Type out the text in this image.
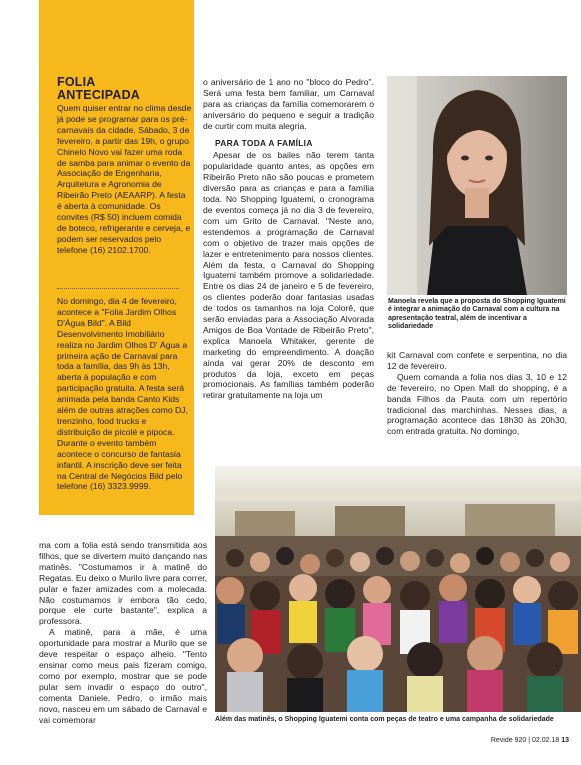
FOLIA
ANTECIPADA
Quem quiser entrar no clima desde já pode se programar para os pré-carnavais da cidade. Sábado, 3 de fevereiro, a partir das 19h, o grupo Chinelo Novo vai fazer uma roda de samba para animar o evento da Associação de Engenharia, Arquitetura e Agronomia de Ribeirão Preto (AEAARP). A festa é aberta à comunidade. Os convites (R$ 50) incluem comida de boteco, refrigerante e cerveja, e podem ser reservados pelo telefone (16) 2102.1700.
No domingo, dia 4 de fevereiro, acontece a "Folia Jardim Olhos D'Água Bild". A Bild Desenvolvimento Imobiliário realiza no Jardim Olhos D' Água a primeira ação de Carnaval para toda a família, das 9h às 13h, aberta à população e com participação gratuita. A festa será animada pela banda Canto Kids além de outras atrações como DJ, trenzinho, food trucks e distribuição de picolé e pipoca. Durante o evento também acontece o concurso de fantasia infantil. A inscrição deve ser feita na Central de Negócios Bild pelo telefone (16) 3323.9999.

o aniversário de 1 ano no "bloco do Pedro". Será uma festa bem familiar, um Carnaval para as crianças da família comemorarem o aniversário do pequeno e seguir a tradição de curtir com muita alegria.

PARA TODA A FAMÍLIA

Apesar de os bailes não terem tanta popularidade quanto antes, as opções em Ribeirão Preto não são poucas e prometem diversão para as crianças e para a família toda. No Shopping Iguatemi, o cronograma de eventos começa já no dia 3 de fevereiro, com um Grito de Carnaval. "Neste ano, estendemos a programação de Carnaval com o objetivo de trazer mais opções de lazer e entretenimento para nossos clientes. Além da festa, o Carnaval do Shopping Iguatemi também promove a solidariedade. Entre os dias 24 de janeiro e 5 de fevereiro, os clientes poderão doar fantasias usadas de todos os tamanhos na loja Colorê, que serão enviadas para a Associação Alvorada Amigos de Boa Vontade de Ribeirão Preto", explica Manoela Whitaker, gerente de marketing do empreendimento. A doação ainda vai gerar 20% de desconto em produtos da loja, exceto em peças promocionais. As famílias também poderão retirar gratuitamente na loja um

Manoela revela que a proposta do Shopping Iguatemi é integrar a animação do Carnaval com a cultura na apresentação teatral, além de incentivar a solidariedade

kit Carnaval com confete e serpentina, no dia 12 de fevereiro.

Quem comanda a folia nos dias 3, 10 e 12 de fevereiro, no Open Mall do shopping, é a banda Filhos da Pauta com um repertório tradicional das marchinhas. Nesses dias, a programação acontece das 18h30 às 20h30, com entrada gratuita. No domingo,

Além das matinês, o Shopping Iguatemi conta com peças de teatro e uma campanha de solidariedade

ma com a folia está sendo transmitida aos filhos, que se divertem muito dançando nas matinês. "Costumamos ir à matinê do Regatas. Eu deixo o Murilo livre para correr, pular e fazer amizades com a molecada. Não costumamos ir embora tão cedo, porque ele curte bastante", explica a professora.

A matinê, para a mãe, é uma oportunidade para mostrar a Murilo que se deve respeitar o espaço alheio. "Tento ensinar como meus pais fizeram comigo, como por exemplo, mostrar que se pode pular sem invadir o espaço do outro", comenta Daniele. Pedro, o irmão mais novo, nasceu em um sábado de Carnaval e vai comemorar

Revide 920 | 02.02.18 13
